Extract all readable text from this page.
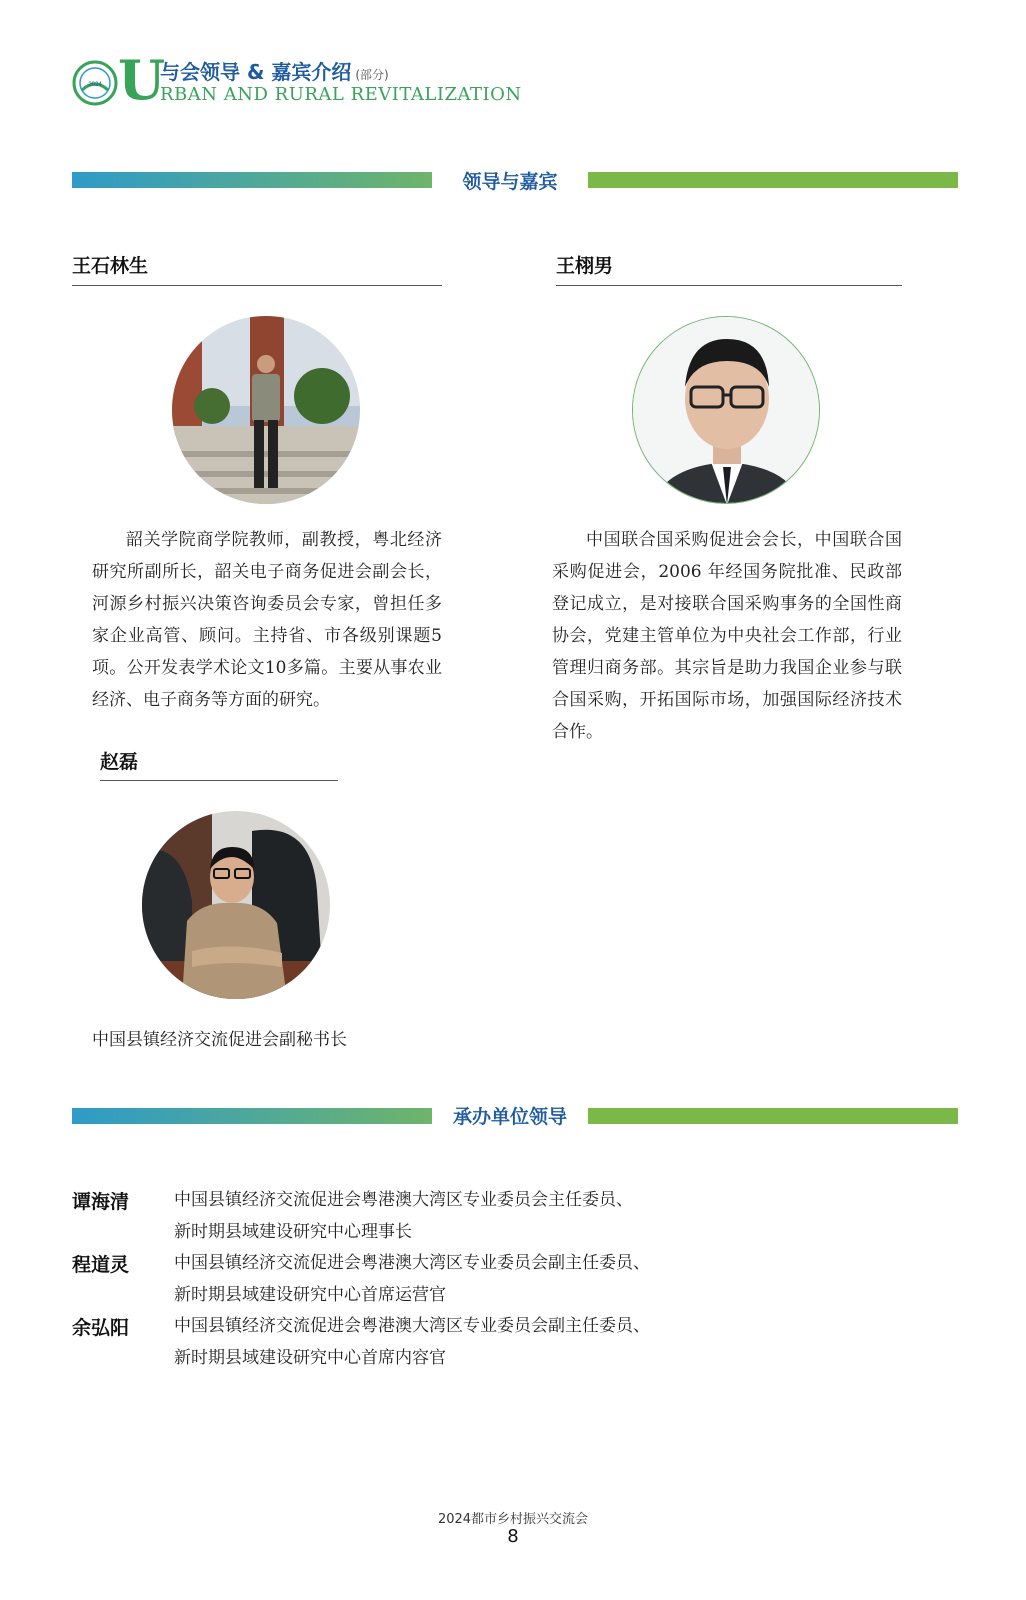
2024 U
与会领导 & 嘉宾介绍 (部分)
RBAN AND RURAL REVITALIZATION
领导与嘉宾
王石林生

韶关学院商学院教师，副教授，粤北经济研究所副所长，韶关电子商务促进会副会长，河源乡村振兴决策咨询委员会专家，曾担任多家企业高管、顾问。主持省、市各级别课题5项。公开发表学术论文10多篇。主要从事农业经济、电子商务等方面的研究。

王栩男

中国联合国采购促进会会长，中国联合国采购促进会，2006 年经国务院批准、民政部登记成立，是对接联合国采购事务的全国性商协会，党建主管单位为中央社会工作部，行业管理归商务部。其宗旨是助力我国企业参与联合国采购，开拓国际市场，加强国际经济技术合作。

赵磊

中国县镇经济交流促进会副秘书长

承办单位领导
谭海清	中国县镇经济交流促进会粤港澳大湾区专业委员会主任委员、
新时期县域建设研究中心理事长
程道灵	中国县镇经济交流促进会粤港澳大湾区专业委员会副主任委员、
新时期县域建设研究中心首席运营官
余弘阳	中国县镇经济交流促进会粤港澳大湾区专业委员会副主任委员、
新时期县域建设研究中心首席内容官
2024都市乡村振兴交流会
8
